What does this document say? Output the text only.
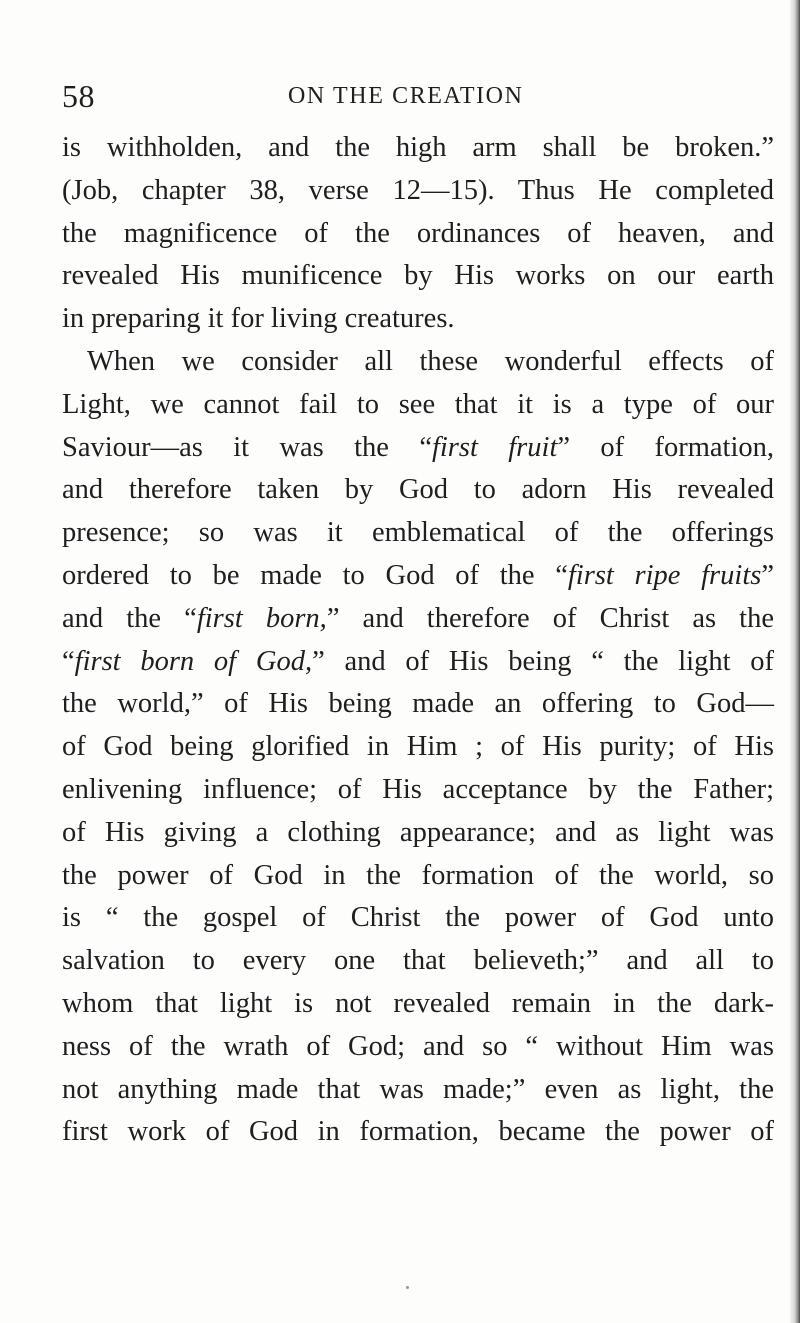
58	ON THE CREATION
is withholden, and the high arm shall be broken.”
(Job, chapter 38, verse 12—15). Thus He completed
the magnificence of the ordinances of heaven, and
revealed His munificence by His works on our earth
in preparing it for living creatures.
When we consider all these wonderful effects of
Light, we cannot fail to see that it is a type of our
Saviour—as it was the “first fruit” of formation,
and therefore taken by God to adorn His revealed
presence; so was it emblematical of the offerings
ordered to be made to God of the “first ripe fruits”
and the “first born,” and therefore of Christ as the
“first born of God,” and of His being “ the light of
the world,” of His being made an offering to God—
of God being glorified in Him ; of His purity; of His
enlivening influence; of His acceptance by the Father;
of His giving a clothing appearance; and as light was
the power of God in the formation of the world, so
is “ the gospel of Christ the power of God unto
salvation to every one that believeth;” and all to
whom that light is not revealed remain in the dark-
ness of the wrath of God; and so “ without Him was
not anything made that was made;” even as light, the
first work of God in formation, became the power of
